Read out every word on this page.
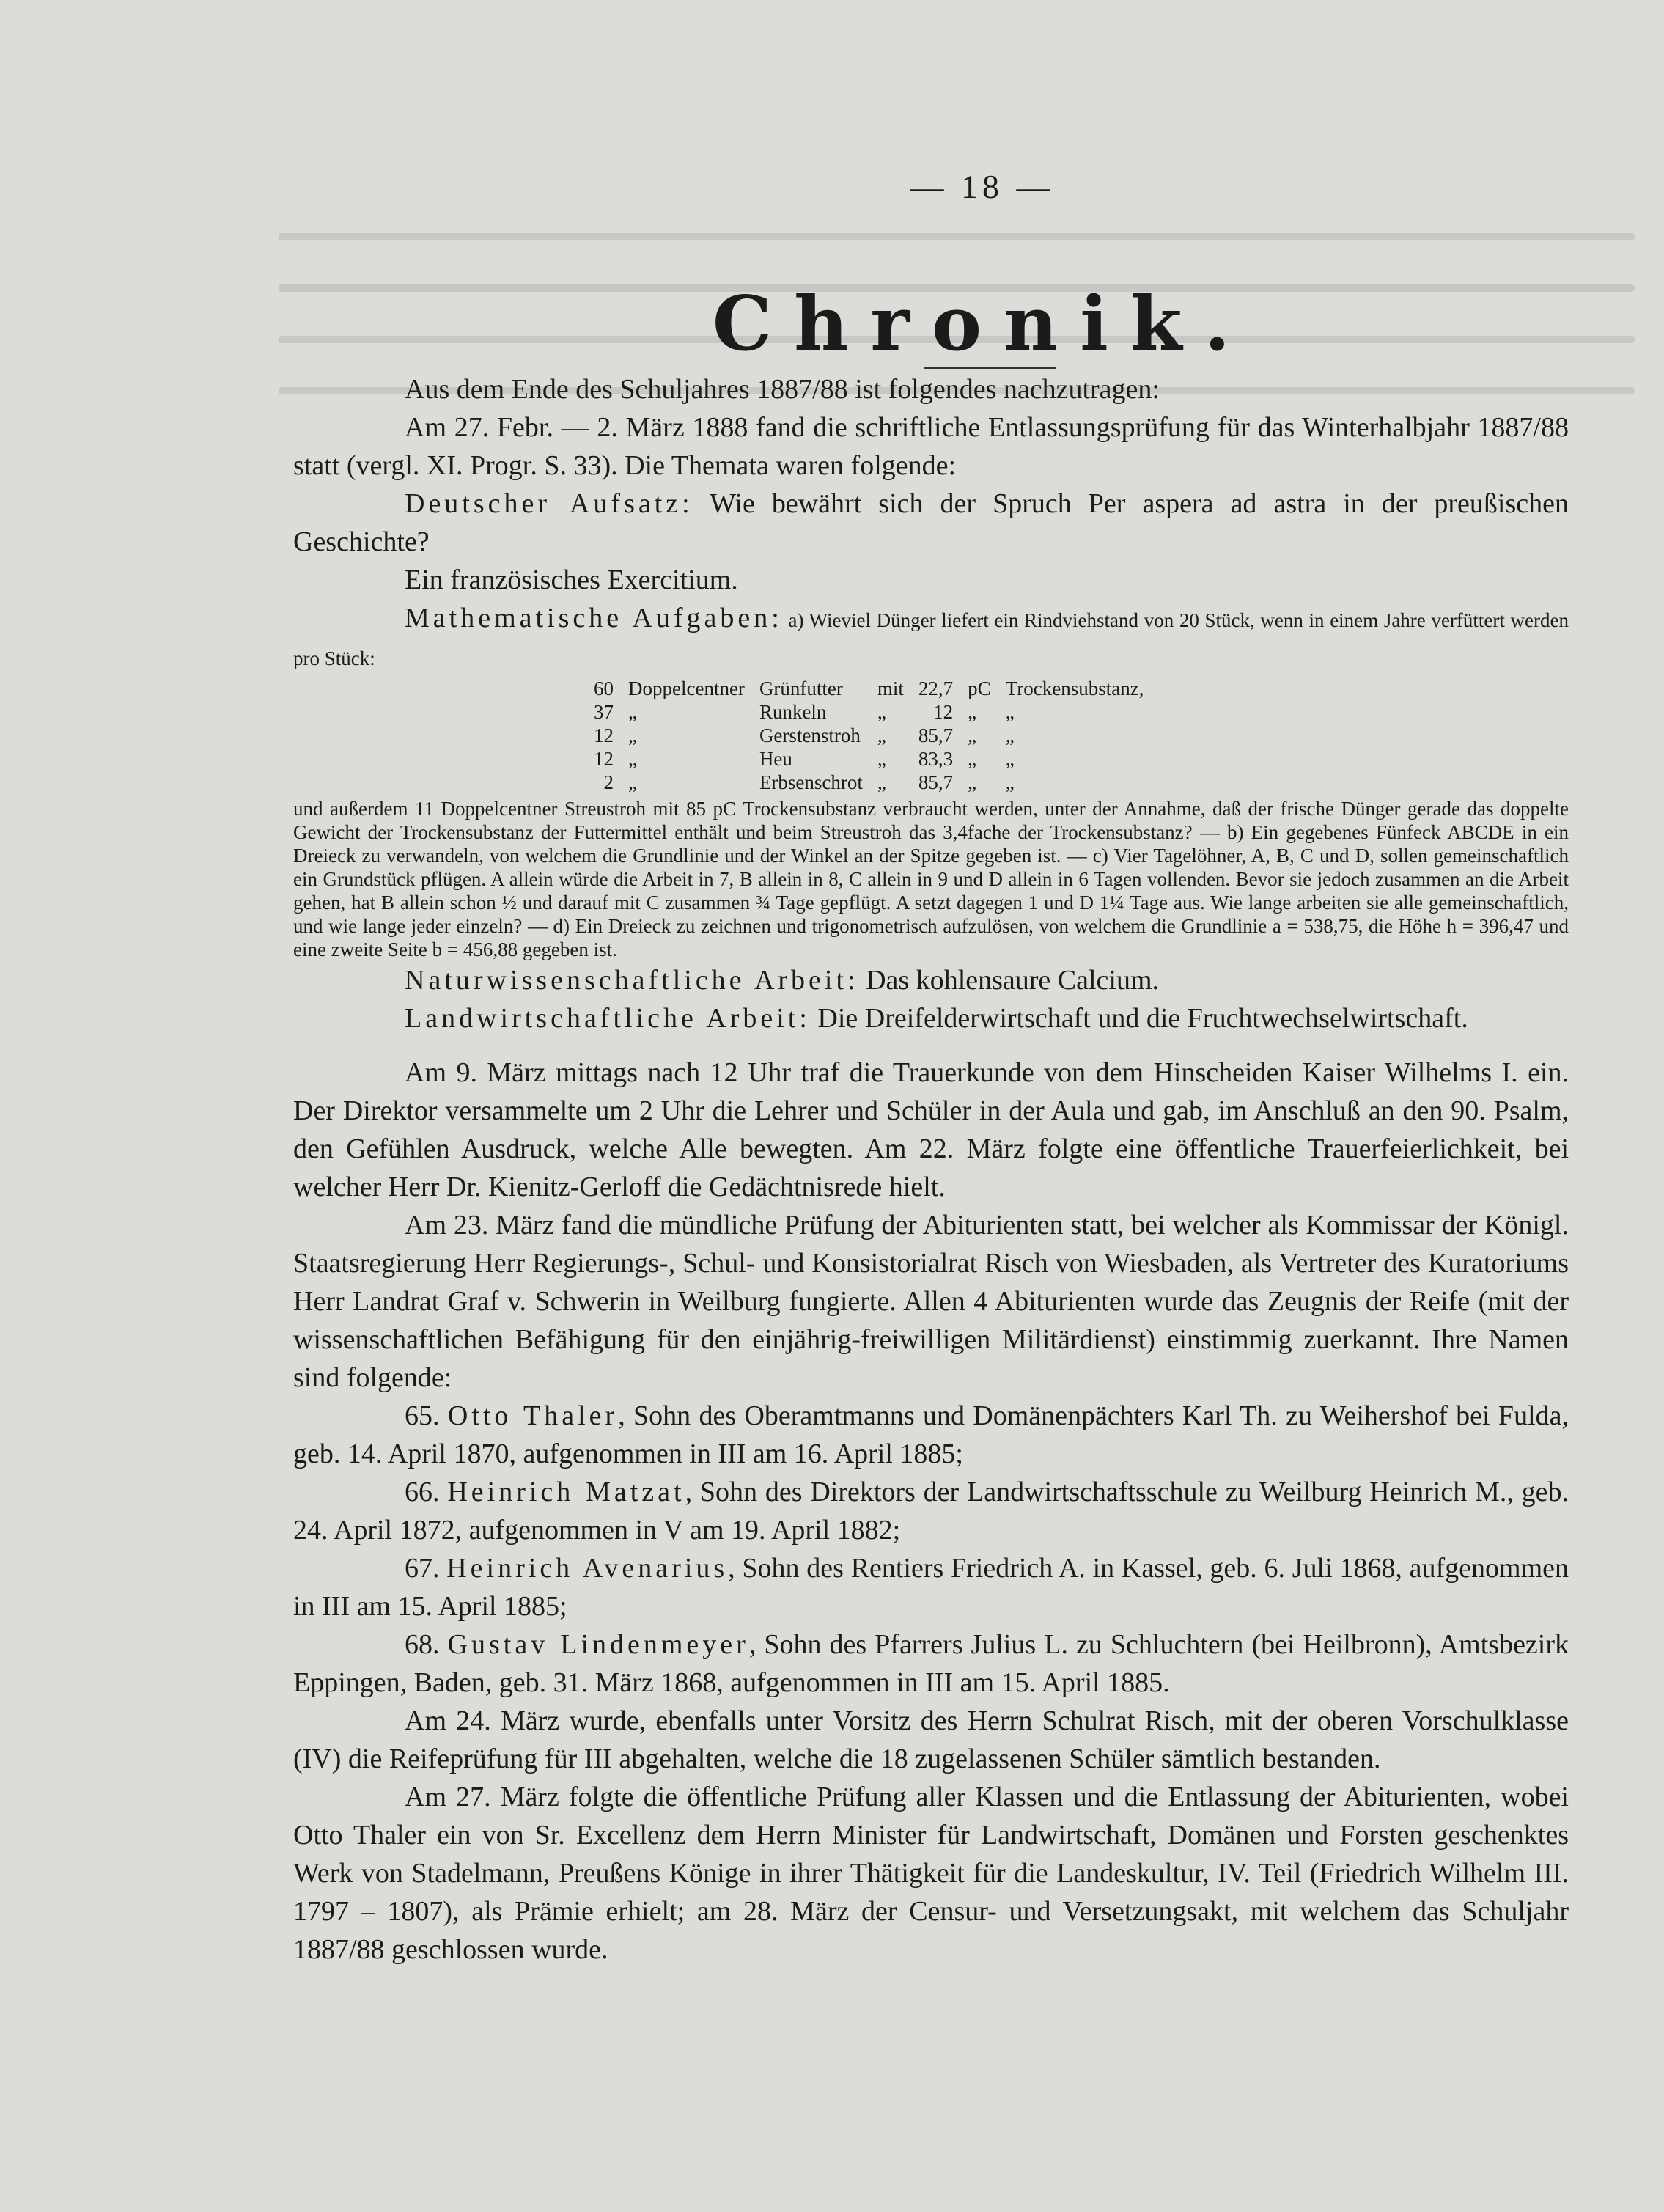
— 18 —
Chronik.

Aus dem Ende des Schuljahres 1887/88 ist folgendes nachzutragen:

Am 27. Febr. — 2. März 1888 fand die schriftliche Entlassungsprüfung für das Winterhalbjahr 1887/88 statt (vergl. XI. Progr. S. 33). Die Themata waren folgende:

Deutscher Aufsatz: Wie bewährt sich der Spruch Per aspera ad astra in der preußischen Geschichte?

Ein französisches Exercitium.

Mathematische Aufgaben: a) Wieviel Dünger liefert ein Rindviehstand von 20 Stück, wenn in einem Jahre verfüttert werden pro Stück:

60	Doppelcentner	Grünfutter	mit	22,7	pC	Trockensubstanz,
37	„	Runkeln	„	12	„	„
12	„	Gerstenstroh	„	85,7	„	„
12	„	Heu	„	83,3	„	„
2	„	Erbsenschrot	„	85,7	„	„

und außerdem 11 Doppelcentner Streustroh mit 85 pC Trockensubstanz verbraucht werden, unter der Annahme, daß der frische Dünger gerade das doppelte Gewicht der Trockensubstanz der Futtermittel enthält und beim Streustroh das 3,4fache der Trockensubstanz? — b) Ein gegebenes Fünfeck ABCDE in ein Dreieck zu verwandeln, von welchem die Grundlinie und der Winkel an der Spitze gegeben ist. — c) Vier Tagelöhner, A, B, C und D, sollen gemeinschaftlich ein Grundstück pflügen. A allein würde die Arbeit in 7, B allein in 8, C allein in 9 und D allein in 6 Tagen vollenden. Bevor sie jedoch zusammen an die Arbeit gehen, hat B allein schon ½ und darauf mit C zusammen ¾ Tage gepflügt. A setzt dagegen 1 und D 1¼ Tage aus. Wie lange arbeiten sie alle gemeinschaftlich, und wie lange jeder einzeln? — d) Ein Dreieck zu zeichnen und trigonometrisch aufzulösen, von welchem die Grundlinie a = 538,75, die Höhe h = 396,47 und eine zweite Seite b = 456,88 gegeben ist.

Naturwissenschaftliche Arbeit: Das kohlensaure Calcium.

Landwirtschaftliche Arbeit: Die Dreifelderwirtschaft und die Fruchtwechselwirtschaft.

Am 9. März mittags nach 12 Uhr traf die Trauerkunde von dem Hinscheiden Kaiser Wilhelms I. ein. Der Direktor versammelte um 2 Uhr die Lehrer und Schüler in der Aula und gab, im Anschluß an den 90. Psalm, den Gefühlen Ausdruck, welche Alle bewegten. Am 22. März folgte eine öffentliche Trauerfeierlichkeit, bei welcher Herr Dr. Kienitz-Gerloff die Gedächtnisrede hielt.

Am 23. März fand die mündliche Prüfung der Abiturienten statt, bei welcher als Kommissar der Königl. Staatsregierung Herr Regierungs-, Schul- und Konsistorialrat Risch von Wiesbaden, als Vertreter des Kuratoriums Herr Landrat Graf v. Schwerin in Weilburg fungierte. Allen 4 Abiturienten wurde das Zeugnis der Reife (mit der wissenschaftlichen Befähigung für den einjährig-freiwilligen Militärdienst) einstimmig zuerkannt. Ihre Namen sind folgende:

65. Otto Thaler, Sohn des Oberamtmanns und Domänenpächters Karl Th. zu Weihershof bei Fulda, geb. 14. April 1870, aufgenommen in III am 16. April 1885;

66. Heinrich Matzat, Sohn des Direktors der Landwirtschaftsschule zu Weilburg Heinrich M., geb. 24. April 1872, aufgenommen in V am 19. April 1882;

67. Heinrich Avenarius, Sohn des Rentiers Friedrich A. in Kassel, geb. 6. Juli 1868, aufgenommen in III am 15. April 1885;

68. Gustav Lindenmeyer, Sohn des Pfarrers Julius L. zu Schluchtern (bei Heilbronn), Amtsbezirk Eppingen, Baden, geb. 31. März 1868, aufgenommen in III am 15. April 1885.

Am 24. März wurde, ebenfalls unter Vorsitz des Herrn Schulrat Risch, mit der oberen Vorschulklasse (IV) die Reifeprüfung für III abgehalten, welche die 18 zugelassenen Schüler sämtlich bestanden.

Am 27. März folgte die öffentliche Prüfung aller Klassen und die Entlassung der Abiturienten, wobei Otto Thaler ein von Sr. Excellenz dem Herrn Minister für Landwirtschaft, Domänen und Forsten geschenktes Werk von Stadelmann, Preußens Könige in ihrer Thätigkeit für die Landeskultur, IV. Teil (Friedrich Wilhelm III. 1797 – 1807), als Prämie erhielt; am 28. März der Censur- und Versetzungsakt, mit welchem das Schuljahr 1887/88 geschlossen wurde.
